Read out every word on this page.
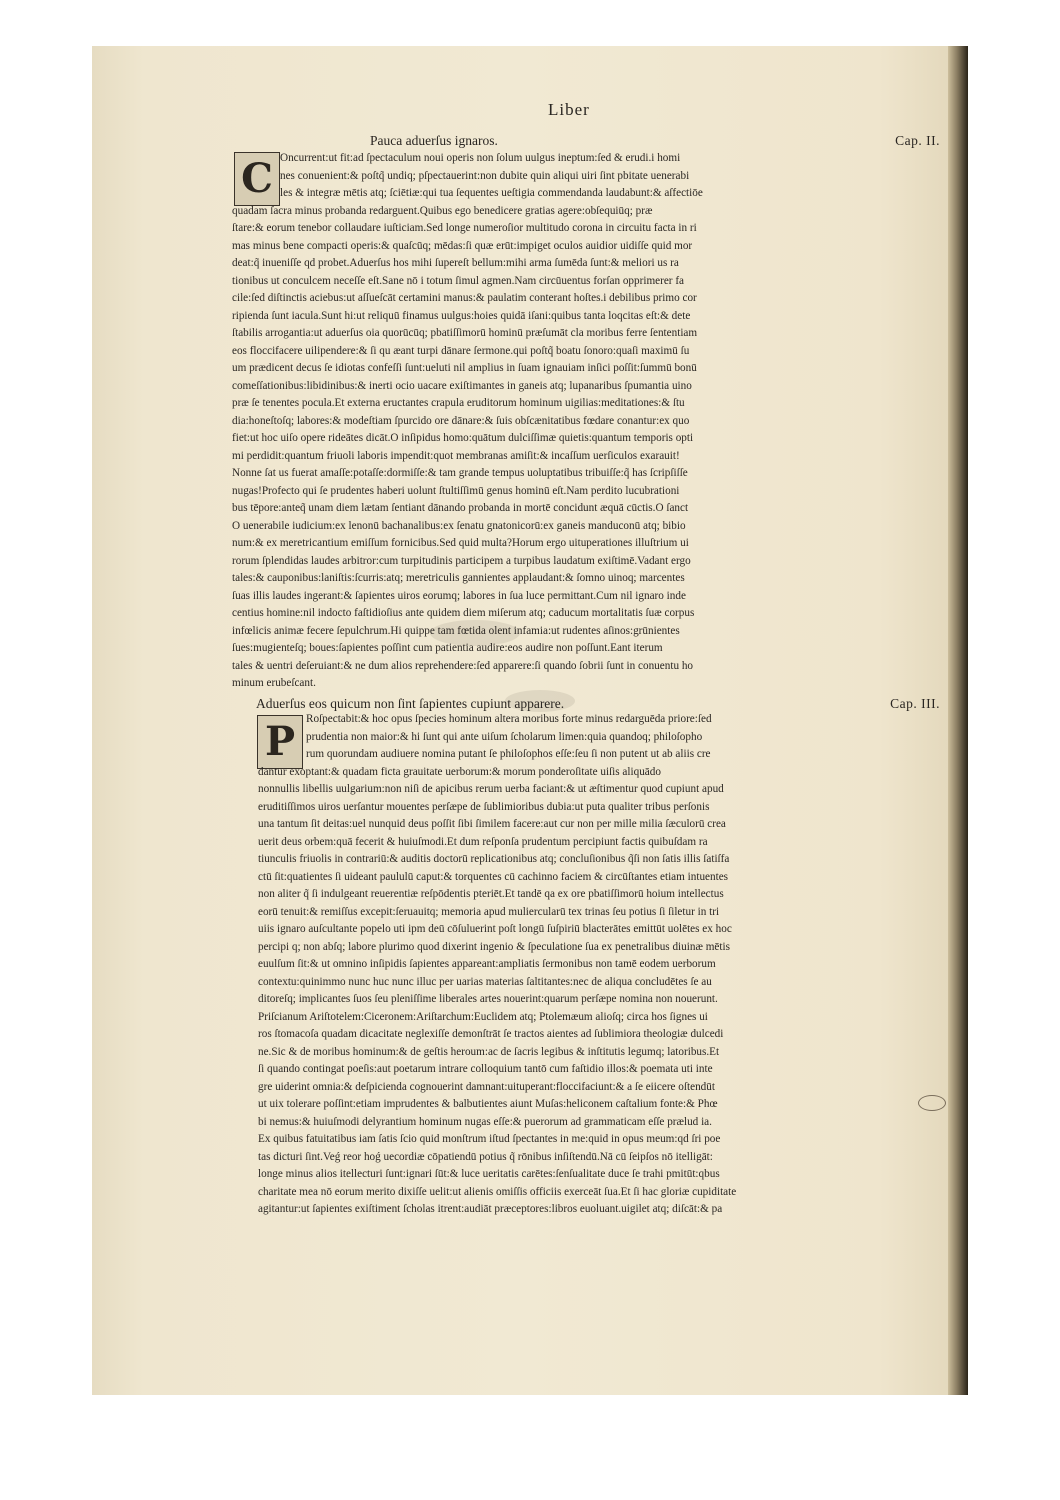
Liber
Pauca aduerſus ignaros.	Cap. II.
C Oncurrent:ut fit:ad ſpectaculum noui operis non ſolum uulgus ineptum:ſed & erudi.i homi
nes conuenient:& poſtq̃ undiq; pſpectauerint:non dubite quin aliqui uiri ſint pbitate uenerabi
les & integræ mētis atq; ſciētiæ:qui tua ſequentes ueſtigia commendanda laudabunt:& aſfectiōe
quadam ſacra minus probanda redarguent.Quibus ego benedicere gratias agere:obſequiūq; præ
ſtare:& eorum tenebor collaudare iuſticiam.Sed longe numeroſior multitudo corona in circuitu facta in ri
mas minus bene compacti operis:& quaſcūq; mēdas:ſi quæ erūt:impiget oculos auidior uidiſſe quid mor
deat:q̃ inueniſſe qd probet.Aduerſus hos mihi ſupereſt bellum:mihi arma ſumēda ſunt:& meliori us ra
tionibus ut conculcem neceſſe eſt.Sane nō i totum ſimul agmen.Nam circūuentus forſan opprimerer fa
cile:ſed diſtinctis aciebus:ut aſſueſcāt certamini manus:& paulatim conterant hoſtes.i debilibus primo cor
ripienda ſunt iacula.Sunt hi:ut reliquū finamus uulgus:hoies quidā iſani:quibus tanta loqcitas eſt:& dete
ſtabilis arrogantia:ut aduerſus oia quorūcūq; pbatiſſimorū hominū præſumāt cla moribus ferre ſententiam
eos floccifacere uilipendere:& ſi qu æant turpi dānare ſermone.qui poſtq̃ boatu ſonoro:quaſi maximū ſu
um prædicent decus ſe idiotas confeſſi ſunt:ueluti nil amplius in ſuam ignauiam inſici poſſit:ſummū bonū
comeſſationibus:libidinibus:& inerti ocio uacare exiſtimantes in ganeis atq; lupanaribus ſpumantia uino
præ ſe tenentes pocula.Et externa eructantes crapula eruditorum hominum uigilias:meditationes:& ſtu
dia:honeſtoſq; labores:& modeſtiam ſpurcido ore dānare:& ſuis obſcænitatibus fœdare conantur:ex quo
fiet:ut hoc uiſo opere rideātes dicāt.O inſipidus homo:quātum dulciſſimæ quietis:quantum temporis opti
mi perdidit:quantum friuoli laboris impendit:quot membranas amiſit:& incaſſum uerſiculos exarauit!
Nonne ſat us fuerat amaſſe:potaſſe:dormiſſe:& tam grande tempus uoluptatibus tribuiſſe:q̃ has ſcripſiſſe
nugas!Profecto qui ſe prudentes haberi uolunt ſtultiſſimū genus hominū eſt.Nam perdito lucubrationi
bus tēpore:anteq̃ unam diem lætam ſentiant dānando probanda in mortē concidunt æquā cūctis.O ſanct
O uenerabile iudicium:ex lenonū bachanalibus:ex ſenatu gnatonicorū:ex ganeis manduconū atq; bibio
num:& ex meretricantium emiſſum fornicibus.Sed quid multa?Horum ergo uituperationes illuſtrium ui
rorum ſplendidas laudes arbitror:cum turpitudinis participem a turpibus laudatum exiſtimē.Vadant ergo
tales:& cauponibus:laniſtis:ſcurris:atq; meretriculis gannientes applaudant:& ſomno uinoq; marcentes
ſuas illis laudes ingerant:& ſapientes uiros eorumq; labores in ſua luce permittant.Cum nil ignaro inde
centius homine:nil indocto faſtidioſius ante quidem diem miſerum atq; caducum mortalitatis ſuæ corpus
infœlicis animæ fecere ſepulchrum.Hi quippe tam fœtida olent infamia:ut rudentes aſinos:grūnientes
ſues:mugienteſq; boues:ſapientes poſſint cum patientia audire:eos audire non poſſunt.Eant iterum
tales & uentri deſeruiant:& ne dum alios reprehendere:ſed apparere:ſi quando ſobrii ſunt in conuentu ho
minum erubeſcant.
Aduerſus eos quicum non ſint ſapientes cupiunt apparere.	Cap. III.
P Roſpectabit:& hoc opus ſpecies hominum altera moribus forte minus redarguēda priore:ſed
prudentia non maior:& hi ſunt qui ante uiſum ſcholarum limen:quia quandoq; philoſopho
rum quorundam audiuere nomina putant ſe philoſophos eſſe:ſeu ſi non putent ut ab aliis cre
dantur exoptant:& quadam ficta grauitate uerborum:& morum ponderoſitate uiſis aliquādo
nonnullis libellis uulgarium:non niſi de apicibus rerum uerba faciant:& ut æſtimentur quod cupiunt apud
eruditiſſimos uiros uerſantur mouentes perſæpe de ſublimioribus dubia:ut puta qualiter tribus perſonis
una tantum ſit deitas:uel nunquid deus poſſit ſibi ſimilem facere:aut cur non per mille milia ſæculorū crea
uerit deus orbem:quā fecerit & huiuſmodi.Et dum reſponſa prudentum percipiunt factis quibuſdam ra
tiunculis friuolis in contrariū:& auditis doctorū replicationibus atq; concluſionibus q̃ſi non ſatis illis ſatiſfa
ctū ſit:quatientes ſi uideant paululū caput:& torquentes cū cachinno faciem & circūſtantes etiam intuentes
non aliter q̃ ſi indulgeant reuerentiæ reſpōdentis pteriēt.Et tandē qa ex ore pbatiſſimorū hoium intellectus
eorū tenuit:& remiſſus excepit:ſeruauitq; memoria apud muliercularū tex trinas ſeu potius ſi ſiletur in tri
uiis ignaro auſcultante popelo uti ipm deū cōſuluerint poſt longū ſuſpiriū blacterātes emittūt uolētes ex hoc
percipi q; non abſq; labore plurimo quod dixerint ingenio & ſpeculatione ſua ex penetralibus diuinæ mētis
euulſum ſit:& ut omnino inſipidis ſapientes appareant:ampliatis ſermonibus non tamē eodem uerborum
contextu:quinimmo nunc huc nunc illuc per uarias materias ſaltitantes:nec de aliqua concludētes ſe au
ditoreſq; implicantes ſuos ſeu pleniſſime liberales artes nouerint:quarum perſæpe nomina non nouerunt.
Priſcianum Ariſtotelem:Ciceronem:Ariſtarchum:Euclidem atq; Ptolemæum alioſq; circa hos ſignes ui
ros ſtomacoſa quadam dicacitate neglexiſſe demonſtrāt ſe tractos aientes ad ſublimiora theologiæ dulcedi
ne.Sic & de moribus hominum:& de geſtis heroum:ac de ſacris legibus & inſtitutis legumq; latoribus.Et
ſi quando contingat poeſis:aut poetarum intrare colloquium tantō cum faſtidio illos:& poemata uti inte
gre uiderint omnia:& deſpicienda cognouerint damnant:uituperant:floccifaciunt:& a ſe eiicere oſtendūt
ut uix tolerare poſſint:etiam imprudentes & balbutientes aiunt Muſas:heliconem caſtalium fonte:& Phœ
bi nemus:& huiuſmodi delyrantium hominum nugas eſſe:& puerorum ad grammaticam eſſe prælud ia.
Ex quibus fatuitatibus iam ſatis ſcio quid monſtrum iſtud ſpectantes in me:quid in opus meum:qd ſri poe
tas dicturi ſint.Veǵ reor hoǵ uecordiæ cōpatiendū potius q̃ rōnibus inſiſtendū.Nā cū ſeipſos nō itelligāt:
longe minus alios itellecturi ſunt:ignari ſūt:& luce ueritatis carētes:ſenſualitate duce ſe trahi pmitūt:qbus
charitate mea nō eorum merito dixiſſe uelit:ut alienis omiſſis officiis exerceāt ſua.Et ſi hac gloriæ cupiditate
agitantur:ut ſapientes exiſtiment ſcholas itrent:audiāt præceptores:libros euoluant.uigilet atq; diſcāt:& pa
